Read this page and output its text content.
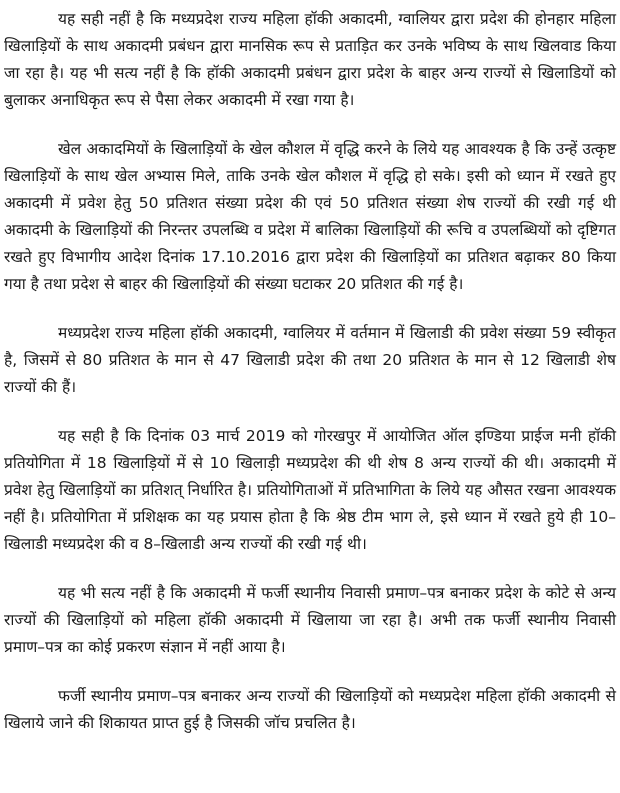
यह सही नहीं है कि मध्यप्रदेश राज्य महिला हॉकी अकादमी, ग्वालियर द्वारा प्रदेश की होनहार महिला खिलाड़ियों के साथ अकादमी प्रबंधन द्वारा मानसिक रूप से प्रताड़ित कर उनके भविष्य के साथ खिलवाड किया जा रहा है। यह भी सत्य नहीं है कि हॉकी अकादमी प्रबंधन द्वारा प्रदेश के बाहर अन्य राज्यों से खिलाडियों को बुलाकर अनाधिकृत रूप से पैसा लेकर अकादमी में रखा गया है।

खेल अकादमियों के खिलाड़ियों के खेल कौशल में वृद्धि करने के लिये यह आवश्यक है कि उन्हें उत्कृष्ट खिलाड़ियों के साथ खेल अभ्यास मिले, ताकि उनके खेल कौशल में वृद्धि हो सके। इसी को ध्यान में रखते हुए अकादमी में प्रवेश हेतु 50 प्रतिशत संख्या प्रदेश की एवं 50 प्रतिशत संख्या शेष राज्यों की रखी गई थी अकादमी के खिलाड़ियों की निरन्तर उपलब्धि व प्रदेश में बालिका खिलाड़ियों की रूचि व उपलब्धियों को दृष्टिगत रखते हुए विभागीय आदेश दिनांक 17.10.2016 द्वारा प्रदेश की खिलाड़ियों का प्रतिशत बढ़ाकर 80 किया गया है तथा प्रदेश से बाहर की खिलाड़ियों की संख्या घटाकर 20 प्रतिशत की गई है।

मध्यप्रदेश राज्य महिला हॉकी अकादमी, ग्वालियर में वर्तमान में खिलाडी की प्रवेश संख्या 59 स्वीकृत है, जिसमें से 80 प्रतिशत के मान से 47 खिलाडी प्रदेश की तथा 20 प्रतिशत के मान से 12 खिलाडी शेष राज्यों की हैं।

यह सही है कि दिनांक 03 मार्च 2019 को गोरखपुर में आयोजित ऑल इण्डिया प्राईज मनी हॉकी प्रतियोगिता में 18 खिलाड़ियों में से 10 खिलाड़ी मध्यप्रदेश की थी शेष 8 अन्य राज्यों की थी। अकादमी में प्रवेश हेतु खिलाड़ियों का प्रतिशत् निर्धारित है। प्रतियोगिताओं में प्रतिभागिता के लिये यह औसत रखना आवश्यक नहीं है। प्रतियोगिता में प्रशिक्षक का यह प्रयास होता है कि श्रेष्ठ टीम भाग ले, इसे ध्यान में रखते हुये ही 10–खिलाडी मध्यप्रदेश की व 8–खिलाडी अन्य राज्यों की रखी गई थी।

यह भी सत्य नहीं है कि अकादमी में फर्जी स्थानीय निवासी प्रमाण–पत्र बनाकर प्रदेश के कोटे से अन्य राज्यों की खिलाड़ियों को महिला हॉकी अकादमी में खिलाया जा रहा है। अभी तक फर्जी स्थानीय निवासी प्रमाण–पत्र का कोई प्रकरण संज्ञान में नहीं आया है।

फर्जी स्थानीय प्रमाण–पत्र बनाकर अन्य राज्यों की खिलाड़ियों को मध्यप्रदेश महिला हॉकी अकादमी से खिलाये जाने की शिकायत प्राप्त हुई है जिसकी जॉच प्रचलित है।
